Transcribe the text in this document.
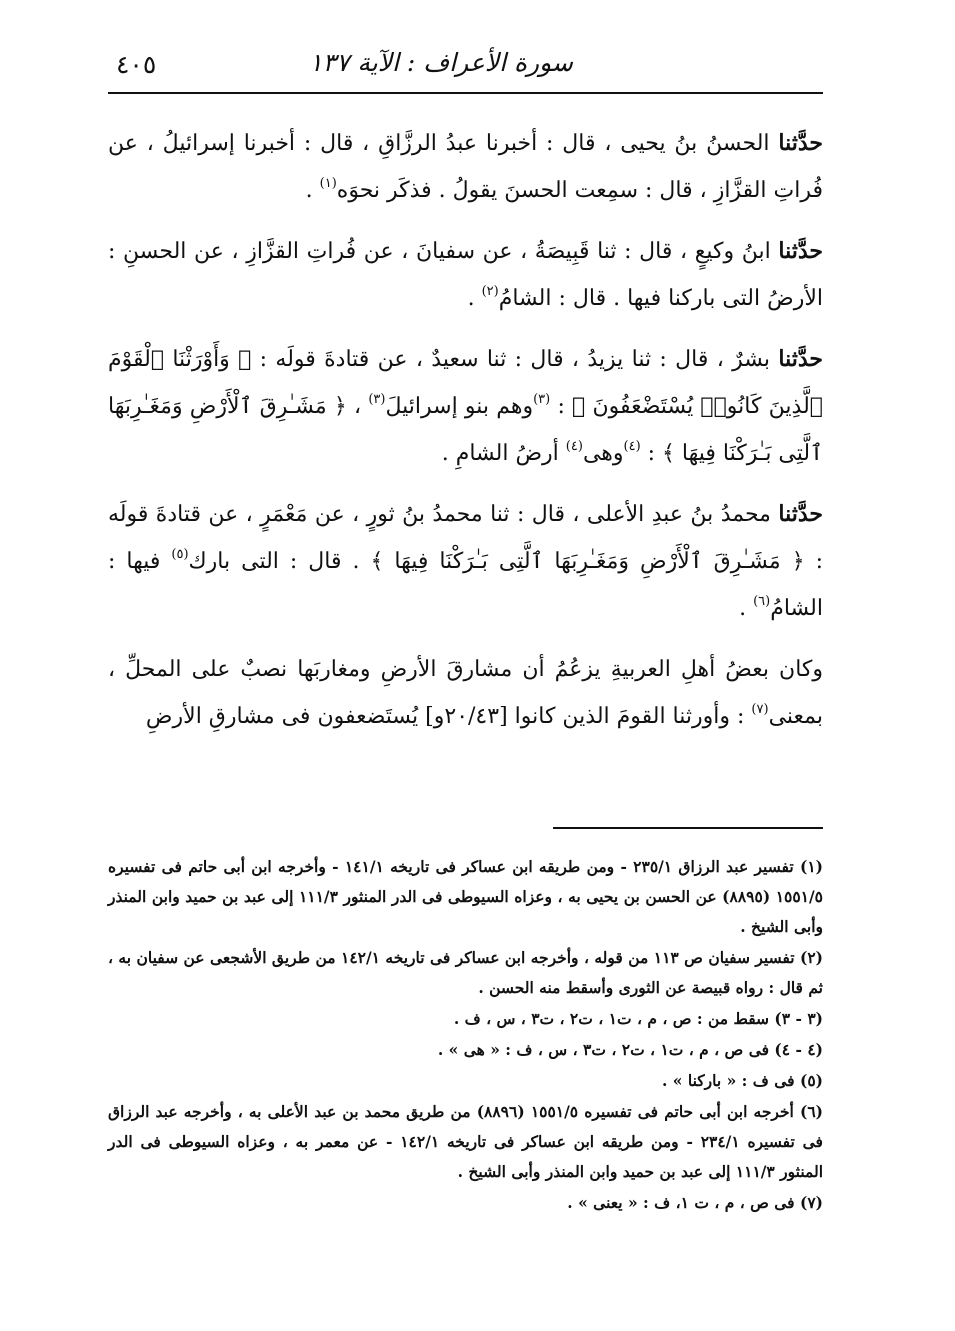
٤٠٥	سورة الأعراف : الآية ١٣٧

حدَّثنا الحسنُ بنُ يحيى ، قال : أخبرنا عبدُ الرزَّاقِ ، قال : أخبرنا إسرائيلُ ، عن فُراتِ القزَّازِ ، قال : سمِعت الحسنَ يقولُ . فذكَر نحوَه$^{(١)}$ .

حدَّثنا ابنُ وكيعٍ ، قال : ثنا قَبِيصَةُ ، عن سفيانَ ، عن فُراتِ القزَّازِ ، عن الحسنِ : الأرضُ التى باركنا فيها . قال : الشامُ$^{(٢)}$ .

حدَّثنا بشرٌ ، قال : ثنا يزيدُ ، قال : ثنا سعيدٌ ، عن قتادةَ قولَه : ﴿ وَأَوْرَثْنَا ٱلْقَوْمَ ٱلَّذِينَ كَانُوا۟ يُسْتَضْعَفُونَ ﴾ : $^{(٣)}$وهم بنو إسرائيلَ$^{(٣)}$ ، ﴿ مَشَـٰرِقَ ٱلْأَرْضِ وَمَغَـٰرِبَهَا ٱلَّتِى بَـٰرَكْنَا فِيهَا ﴾ : $^{(٤)}$وهى$^{(٤)}$ أرضُ الشامِ .

حدَّثنا محمدُ بنُ عبدِ الأعلى ، قال : ثنا محمدُ بنُ ثورٍ ، عن مَعْمَرٍ ، عن قتادةَ قولَه : ﴿ مَشَـٰرِقَ ٱلْأَرْضِ وَمَغَـٰرِبَهَا ٱلَّتِى بَـٰرَكْنَا فِيهَا ﴾ . قال : التى بارك$^{(٥)}$ فيها : الشامُ$^{(٦)}$ .

وكان بعضُ أهلِ العربيةِ يزعُمُ أن مشارقَ الأرضِ ومغاربَها نصبٌ على المحلِّ ، بمعنى$^{(٧)}$ : وأورثنا القومَ الذين كانوا [٢٠/٤٣و] يُستَضعفون فى مشارقِ الأرضِ

(١) تفسير عبد الرزاق ٢٣٥/١ - ومن طريقه ابن عساكر فى تاريخه ١٤١/١ - وأخرجه ابن أبى حاتم فى تفسيره ١٥٥١/٥ (٨٨٩٥) عن الحسن بن يحيى به ، وعزاه السيوطى فى الدر المنثور ١١١/٣ إلى عبد بن حميد وابن المنذر وأبى الشيخ .

(٢) تفسير سفيان ص ١١٣ من قوله ، وأخرجه ابن عساكر فى تاريخه ١٤٢/١ من طريق الأشجعى عن سفيان به ، ثم قال : رواه قبيصة عن الثورى وأسقط منه الحسن .

(٣ - ٣) سقط من : ص ، م ، ت١ ، ت٢ ، ت٣ ، س ، ف .

(٤ - ٤) فى ص ، م ، ت١ ، ت٢ ، ت٣ ، س ، ف : « هى » .

(٥) فى ف : « باركنا » .

(٦) أخرجه ابن أبى حاتم فى تفسيره ١٥٥١/٥ (٨٨٩٦) من طريق محمد بن عبد الأعلى به ، وأخرجه عبد الرزاق فى تفسيره ٢٣٤/١ - ومن طريقه ابن عساكر فى تاريخه ١٤٢/١ - عن معمر به ، وعزاه السيوطى فى الدر المنثور ١١١/٣ إلى عبد بن حميد وابن المنذر وأبى الشيخ .

(٧) فى ص ، م ، ت ١، ف : « يعنى » .
